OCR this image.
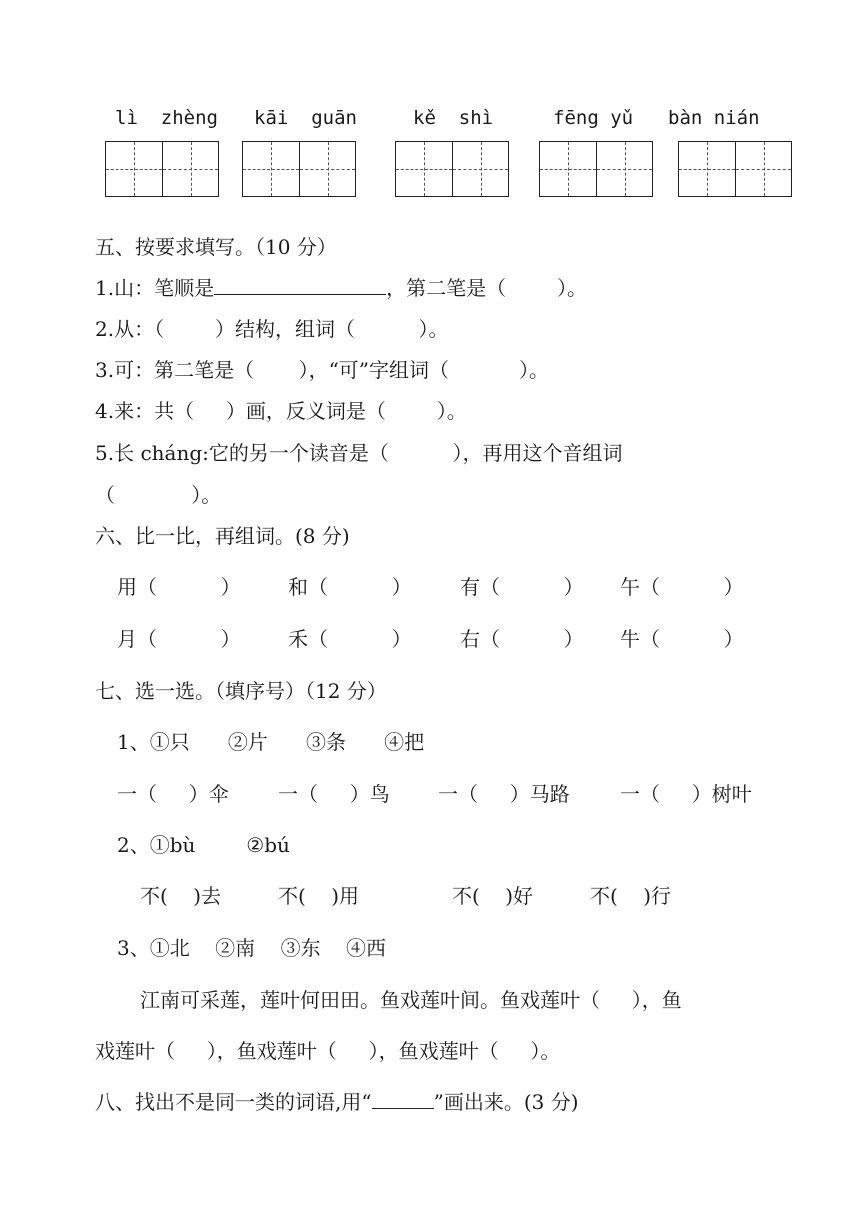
lì  zhèng kāi  guān	kě  shì	fēng yǔ bàn nián
五、按要求填写。（10 分）
1.山：笔顺是	，第二笔是（        ）。
2.从：（        ）结构，组词（          ）。
3.可：第二笔是（       ），“可”字组词（           ）。
4.来：共（     ）画，反义词是（        ）。
5.长 cháng:它的另一个读音是（          ），再用这个音组词
（            ）。
六、比一比，再组词。(8 分)
用（          ） 和（          ） 有（          ） 午（          ）
月（          ） 禾（          ） 右（          ） 牛（          ）
七、选一选。（填序号）（12 分）
1、①只      ②片      ③条      ④把
一（     ）伞 一（     ）鸟 一（     ）马路	一（     ）树叶
2、①bù        ②bú
不(    )去	不(    )用	不(    )好	不(    )行
3、①北    ②南    ③东    ④西
江南可采莲，莲叶何田田。鱼戏莲叶间。鱼戏莲叶（     ），鱼
戏莲叶（     ），鱼戏莲叶（     ），鱼戏莲叶（     ）。
八、找出不是同一类的词语,用“	”画出来。(3 分)
